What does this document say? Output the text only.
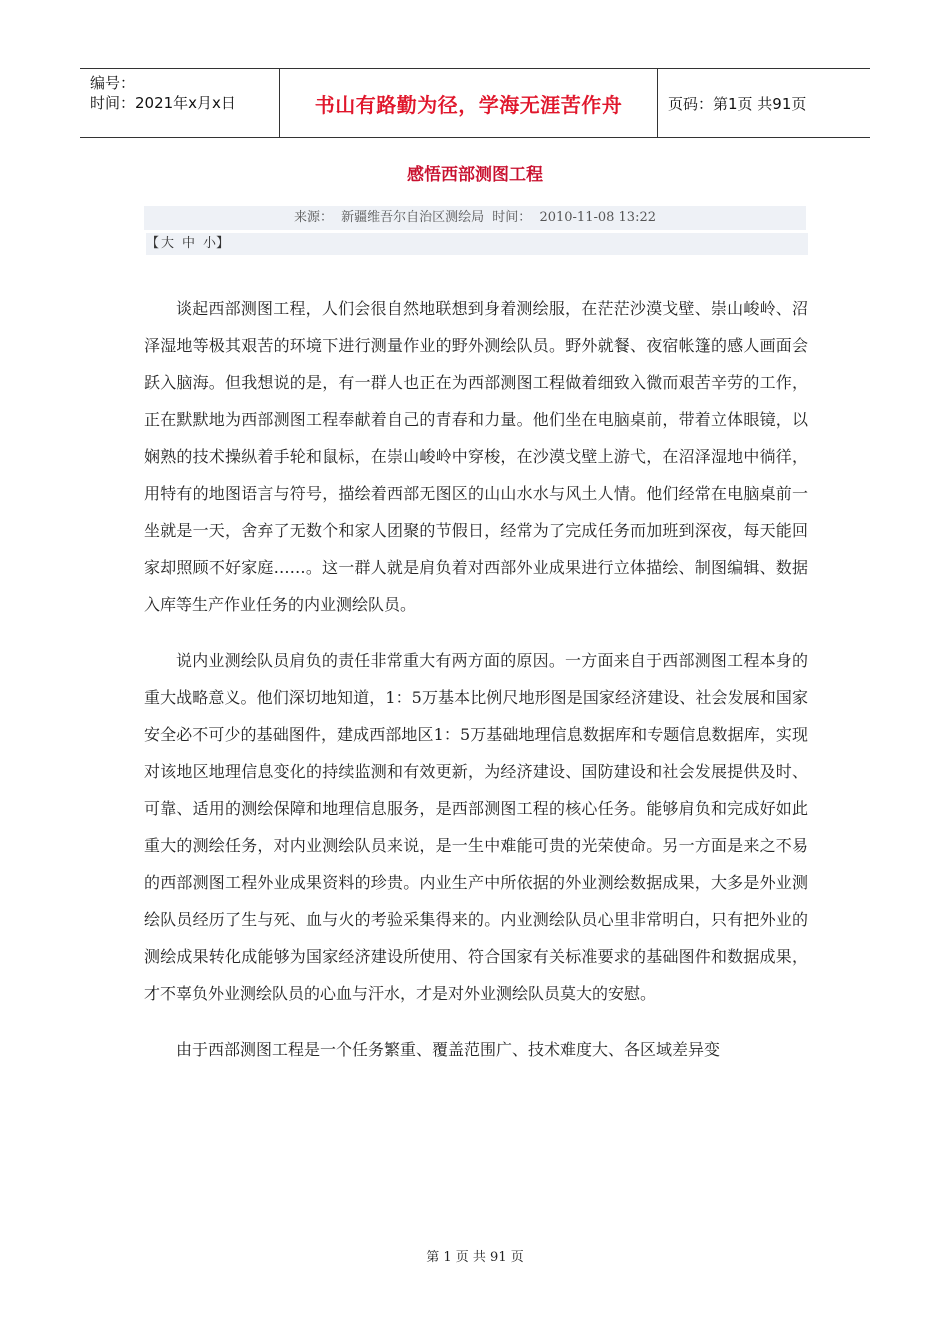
编号：
时间：2021年x月x日	书山有路勤为径，学海无涯苦作舟	页码：第1页 共91页
感悟西部测图工程
来源： 新疆维吾尔自治区测绘局 时间： 2010-11-08 13:22
【 大 中 小】

谈起西部测图工程，人们会很自然地联想到身着测绘服，在茫茫沙漠戈壁、崇山峻岭、沼泽湿地等极其艰苦的环境下进行测量作业的野外测绘队员。野外就餐、夜宿帐篷的感人画面会跃入脑海。但我想说的是，有一群人也正在为西部测图工程做着细致入微而艰苦辛劳的工作，正在默默地为西部测图工程奉献着自己的青春和力量。他们坐在电脑桌前，带着立体眼镜，以娴熟的技术操纵着手轮和鼠标，在崇山峻岭中穿梭，在沙漠戈壁上游弋，在沼泽湿地中徜徉，用特有的地图语言与符号，描绘着西部无图区的山山水水与风土人情。他们经常在电脑桌前一坐就是一天，舍弃了无数个和家人团聚的节假日，经常为了完成任务而加班到深夜，每天能回家却照顾不好家庭……。这一群人就是肩负着对西部外业成果进行立体描绘、制图编辑、数据入库等生产作业任务的内业测绘队员。

说内业测绘队员肩负的责任非常重大有两方面的原因。一方面来自于西部测图工程本身的重大战略意义。他们深切地知道，1：5万基本比例尺地形图是国家经济建设、社会发展和国家安全必不可少的基础图件，建成西部地区1：5万基础地理信息数据库和专题信息数据库，实现对该地区地理信息变化的持续监测和有效更新，为经济建设、国防建设和社会发展提供及时、可靠、适用的测绘保障和地理信息服务，是西部测图工程的核心任务。能够肩负和完成好如此重大的测绘任务，对内业测绘队员来说，是一生中难能可贵的光荣使命。另一方面是来之不易的西部测图工程外业成果资料的珍贵。内业生产中所依据的外业测绘数据成果，大多是外业测绘队员经历了生与死、血与火的考验采集得来的。内业测绘队员心里非常明白，只有把外业的测绘成果转化成能够为国家经济建设所使用、符合国家有关标准要求的基础图件和数据成果，才不辜负外业测绘队员的心血与汗水，才是对外业测绘队员莫大的安慰。

由于西部测图工程是一个任务繁重、覆盖范围广、技术难度大、各区域差异变

第 1 页 共 91 页
